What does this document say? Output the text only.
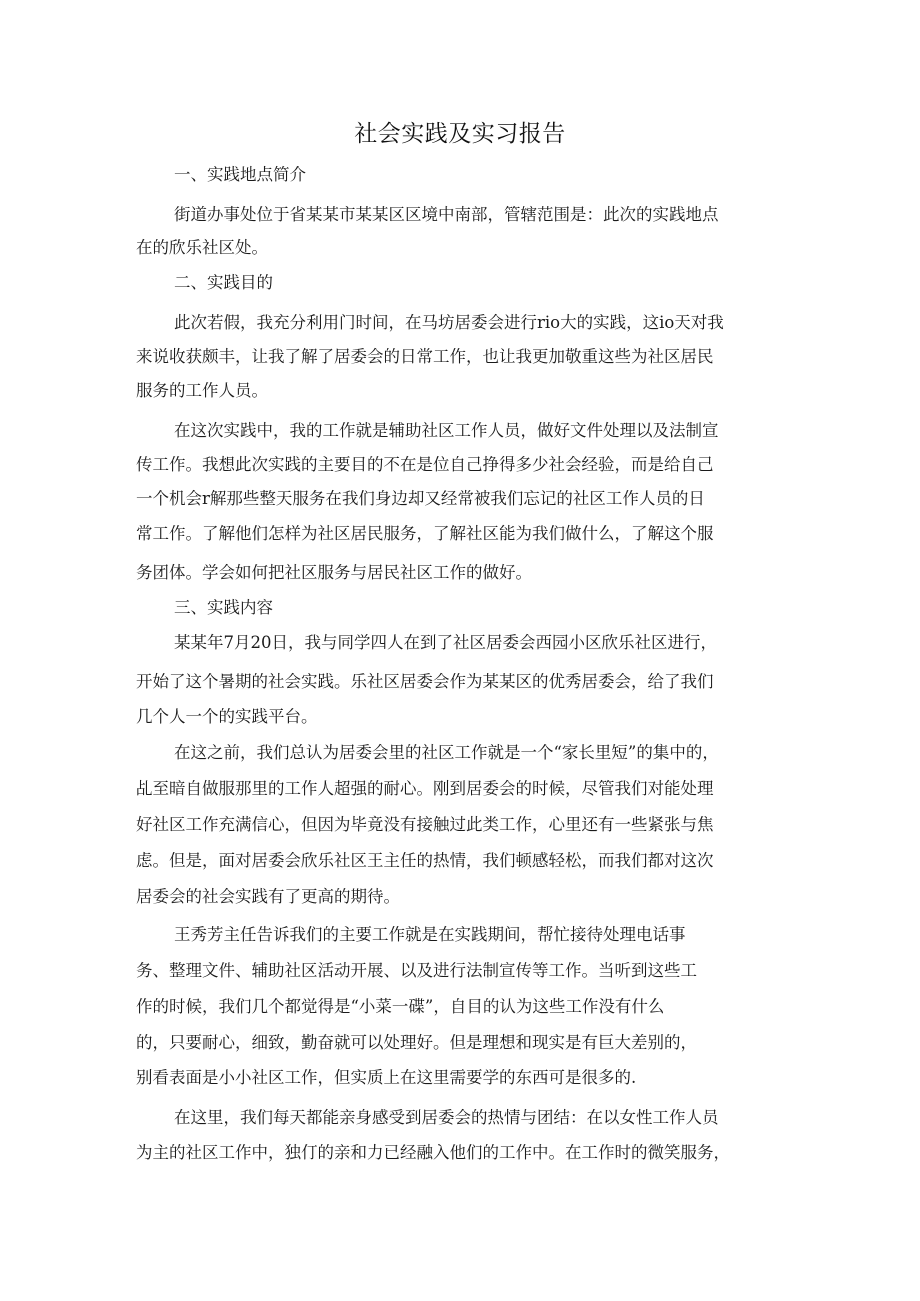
社会实践及实习报告
一、实践地点简介
街道办事处位于省某某市某某区区境中南部，管辖范围是：此次的实践地点
在的欣乐社区处。
二、实践目的
此次若假，我充分利用门时间，在马坊居委会进行rio大的实践，这io天对我
来说收获颇丰，让我了解了居委会的日常工作，也让我更加敬重这些为社区居民
服务的工作人员。
在这次实践中，我的工作就是辅助社区工作人员，做好文件处理以及法制宣
传工作。我想此次实践的主要目的不在是位自己挣得多少社会经验，而是给自己
一个机会r解那些整天服务在我们身边却又经常被我们忘记的社区工作人员的日
常工作。了解他们怎样为社区居民服务，了解社区能为我们做什么，了解这个服
务团体。学会如何把社区服务与居民社区工作的做好。
三、实践内容
某某年7月20日，我与同学四人在到了社区居委会西园小区欣乐社区进行，
开始了这个暑期的社会实践。乐社区居委会作为某某区的优秀居委会，给了我们
几个人一个的实践平台。
在这之前，我们总认为居委会里的社区工作就是一个“家长里短”的集中的，
乩至暗自做服那里的工作人超强的耐心。刚到居委会的时候，尽管我们对能处理
好社区工作充满信心，但因为毕竟没有接触过此类工作，心里还有一些紧张与焦
虑。但是，面对居委会欣乐社区王主任的热情，我们顿感轻松，而我们都对这次
居委会的社会实践有了更高的期待。
王秀芳主任告诉我们的主要工作就是在实践期间，帮忙接待处理电话事
务、整理文件、辅助社区活动开展、以及进行法制宣传等工作。当听到这些工
作的时候，我们几个都觉得是“小菜一碟”，自目的认为这些工作没有什么
的，只要耐心，细致，勤奋就可以处理好。但是理想和现实是有巨大差别的，
别看表面是小小社区工作，但实质上在这里需要学的东西可是很多的.
在这里，我们每天都能亲身感受到居委会的热情与团结：在以女性工作人员
为主的社区工作中，独仃的亲和力已经融入他们的工作中。在工作时的微笑服务，
